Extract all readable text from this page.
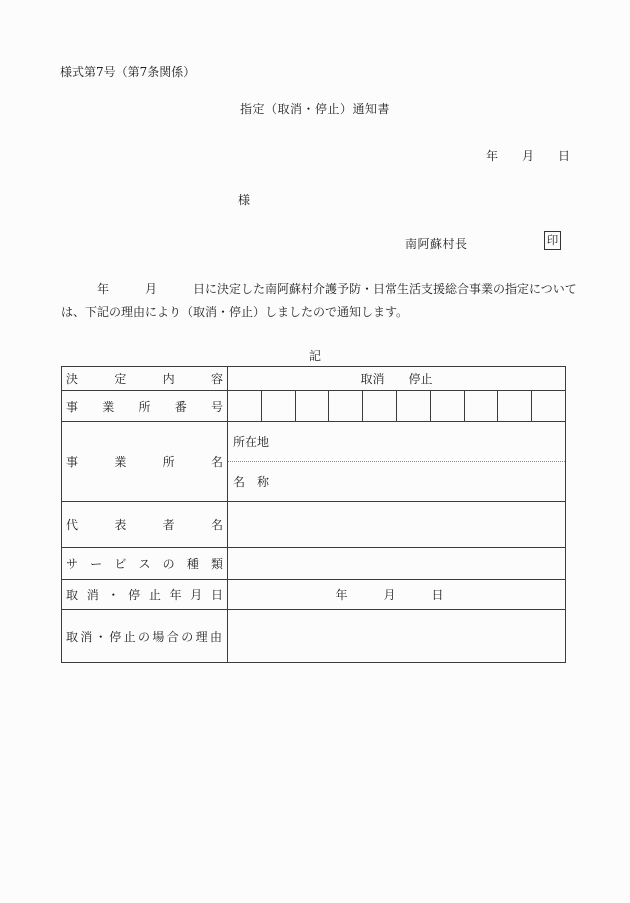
様式第7号（第7条関係）
指定（取消・停止）通知書
年　　月　　日
様
南阿蘇村長	印
　　　年　　　月　　　日に決定した南阿蘇村介護予防・日常生活支援総合事業の指定について
は、下記の理由により（取消・停止）しましたので通知します。
記
決 定 内 容	取消　　停止
事 業 所 番 号
事 業 所 名
所在地
名　称
代 表 者 名
サ ー ビ ス の 種 類
取 消 ・ 停 止 年 月 日	年　　　月　　　日
取消・停止の場合の理由
